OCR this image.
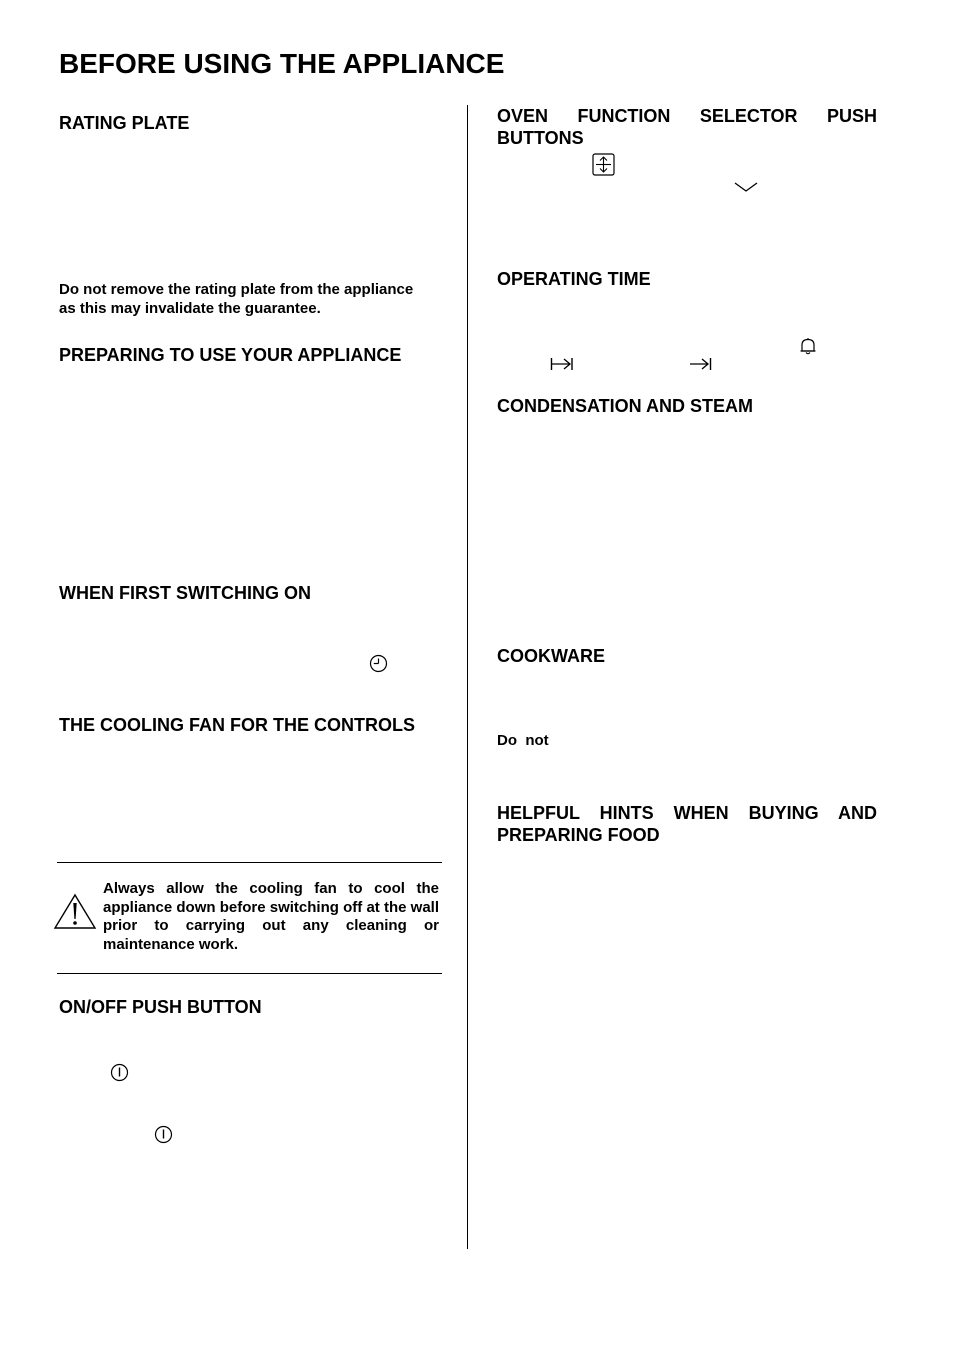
BEFORE USING THE APPLIANCE
RATING PLATE
Do not remove the rating plate from the appliance
as this may invalidate the guarantee.
PREPARING TO USE YOUR APPLIANCE
WHEN FIRST SWITCHING ON
THE COOLING FAN FOR THE CONTROLS
Always allow the cooling fan to cool the appliance down before switching off at the wall prior to carrying out any cleaning or maintenance work.
ON/OFF PUSH BUTTON
OVEN FUNCTION SELECTOR PUSH
BUTTONS
OPERATING TIME
CONDENSATION AND STEAM
COOKWARE
Do  not
HELPFUL HINTS WHEN BUYING AND
PREPARING FOOD
